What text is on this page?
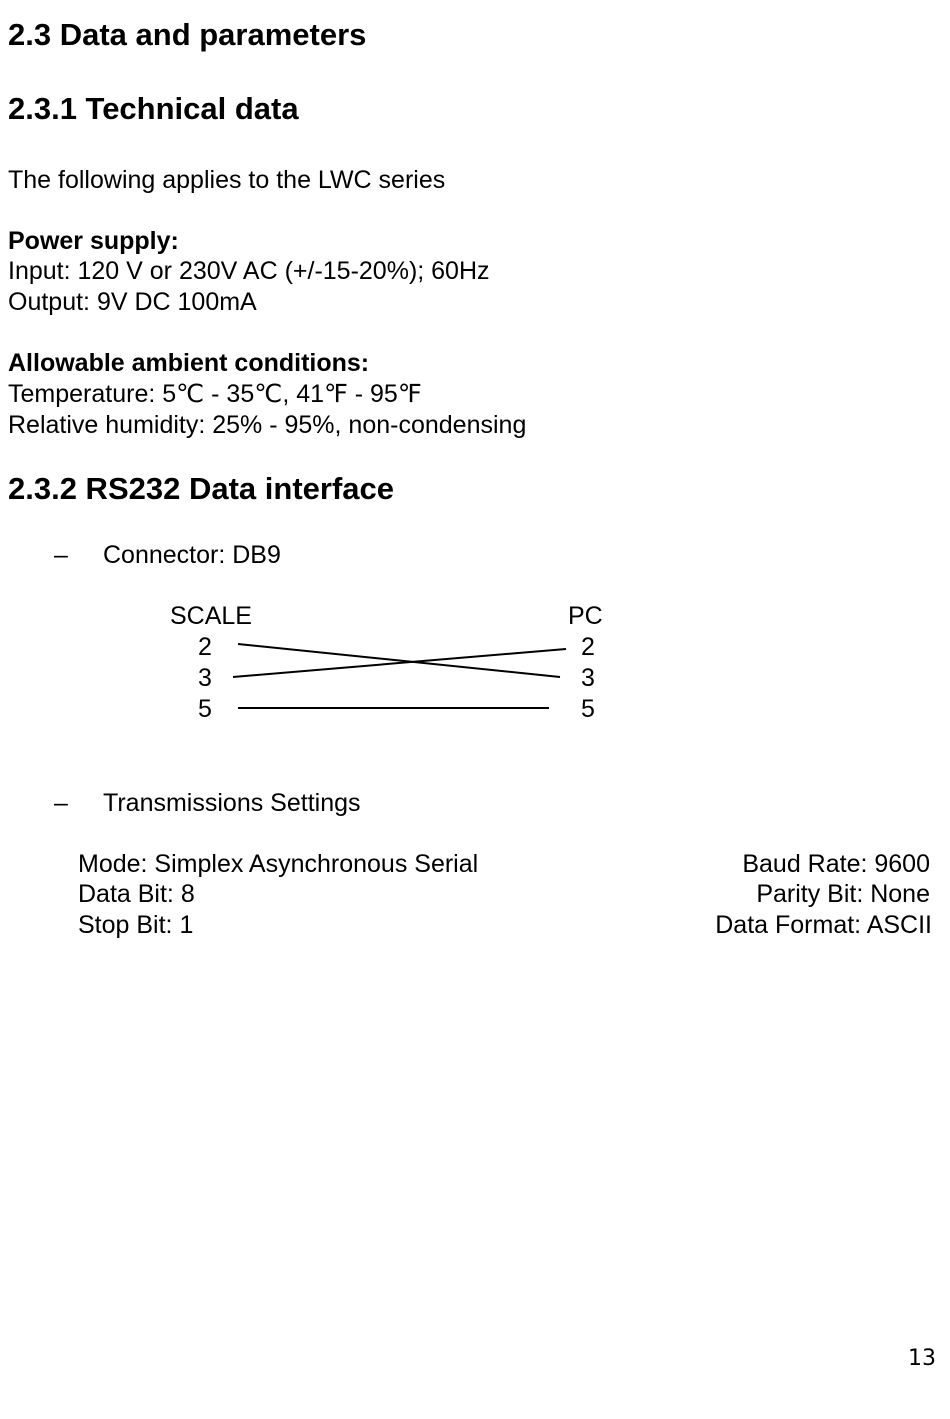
2.3 Data and parameters
2.3.1 Technical data
The following applies to the LWC series
Power supply:
Input: 120 V or 230V AC (+/-15-20%); 60Hz
Output: 9V DC 100mA
Allowable ambient conditions:
Temperature: 5℃ - 35℃, 41℉ - 95℉
Relative humidity: 25% - 95%, non-condensing
2.3.2 RS232 Data interface
– Connector: DB9
SCALE	PC
2
3
5
2
3
5
– Transmissions Settings
Mode: Simplex Asynchronous Serial
Data Bit: 8
Stop Bit: 1
Baud Rate: 9600
Parity Bit: None
Data Format: ASCII
13
